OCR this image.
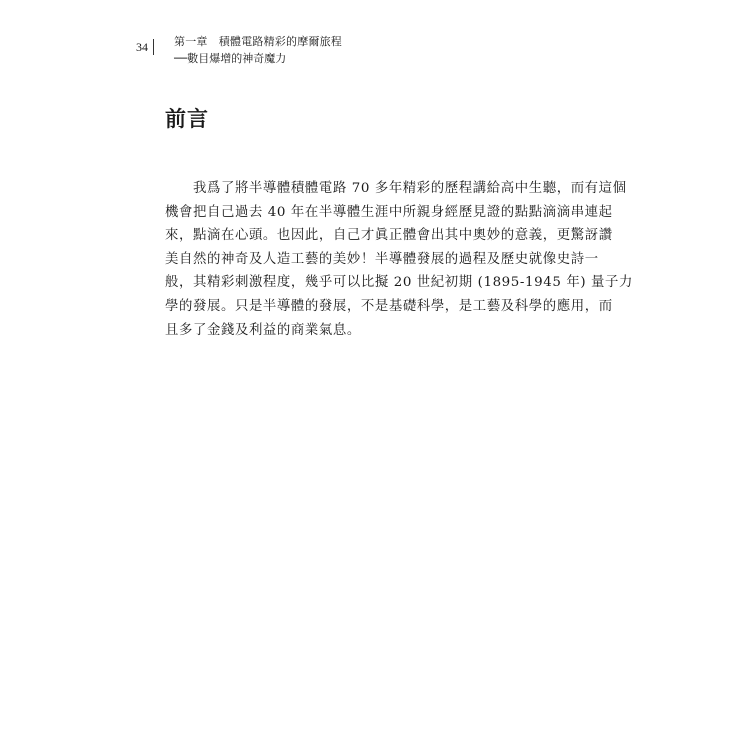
34 第一章　積體電路精彩的摩爾旅程
──數目爆增的神奇魔力
前言
　　我爲了將半導體積體電路 70 多年精彩的歷程講給高中生聽，而有這個
機會把自己過去 40 年在半導體生涯中所親身經歷見證的點點滴滴串連起
來，點滴在心頭。也因此，自己才眞正體會出其中奧妙的意義，更驚訝讚
美自然的神奇及人造工藝的美妙！半導體發展的過程及歷史就像史詩一
般，其精彩刺激程度，幾乎可以比擬 20 世紀初期 (1895-1945 年) 量子力
學的發展。只是半導體的發展，不是基礎科學，是工藝及科學的應用，而
且多了金錢及利益的商業氣息。
